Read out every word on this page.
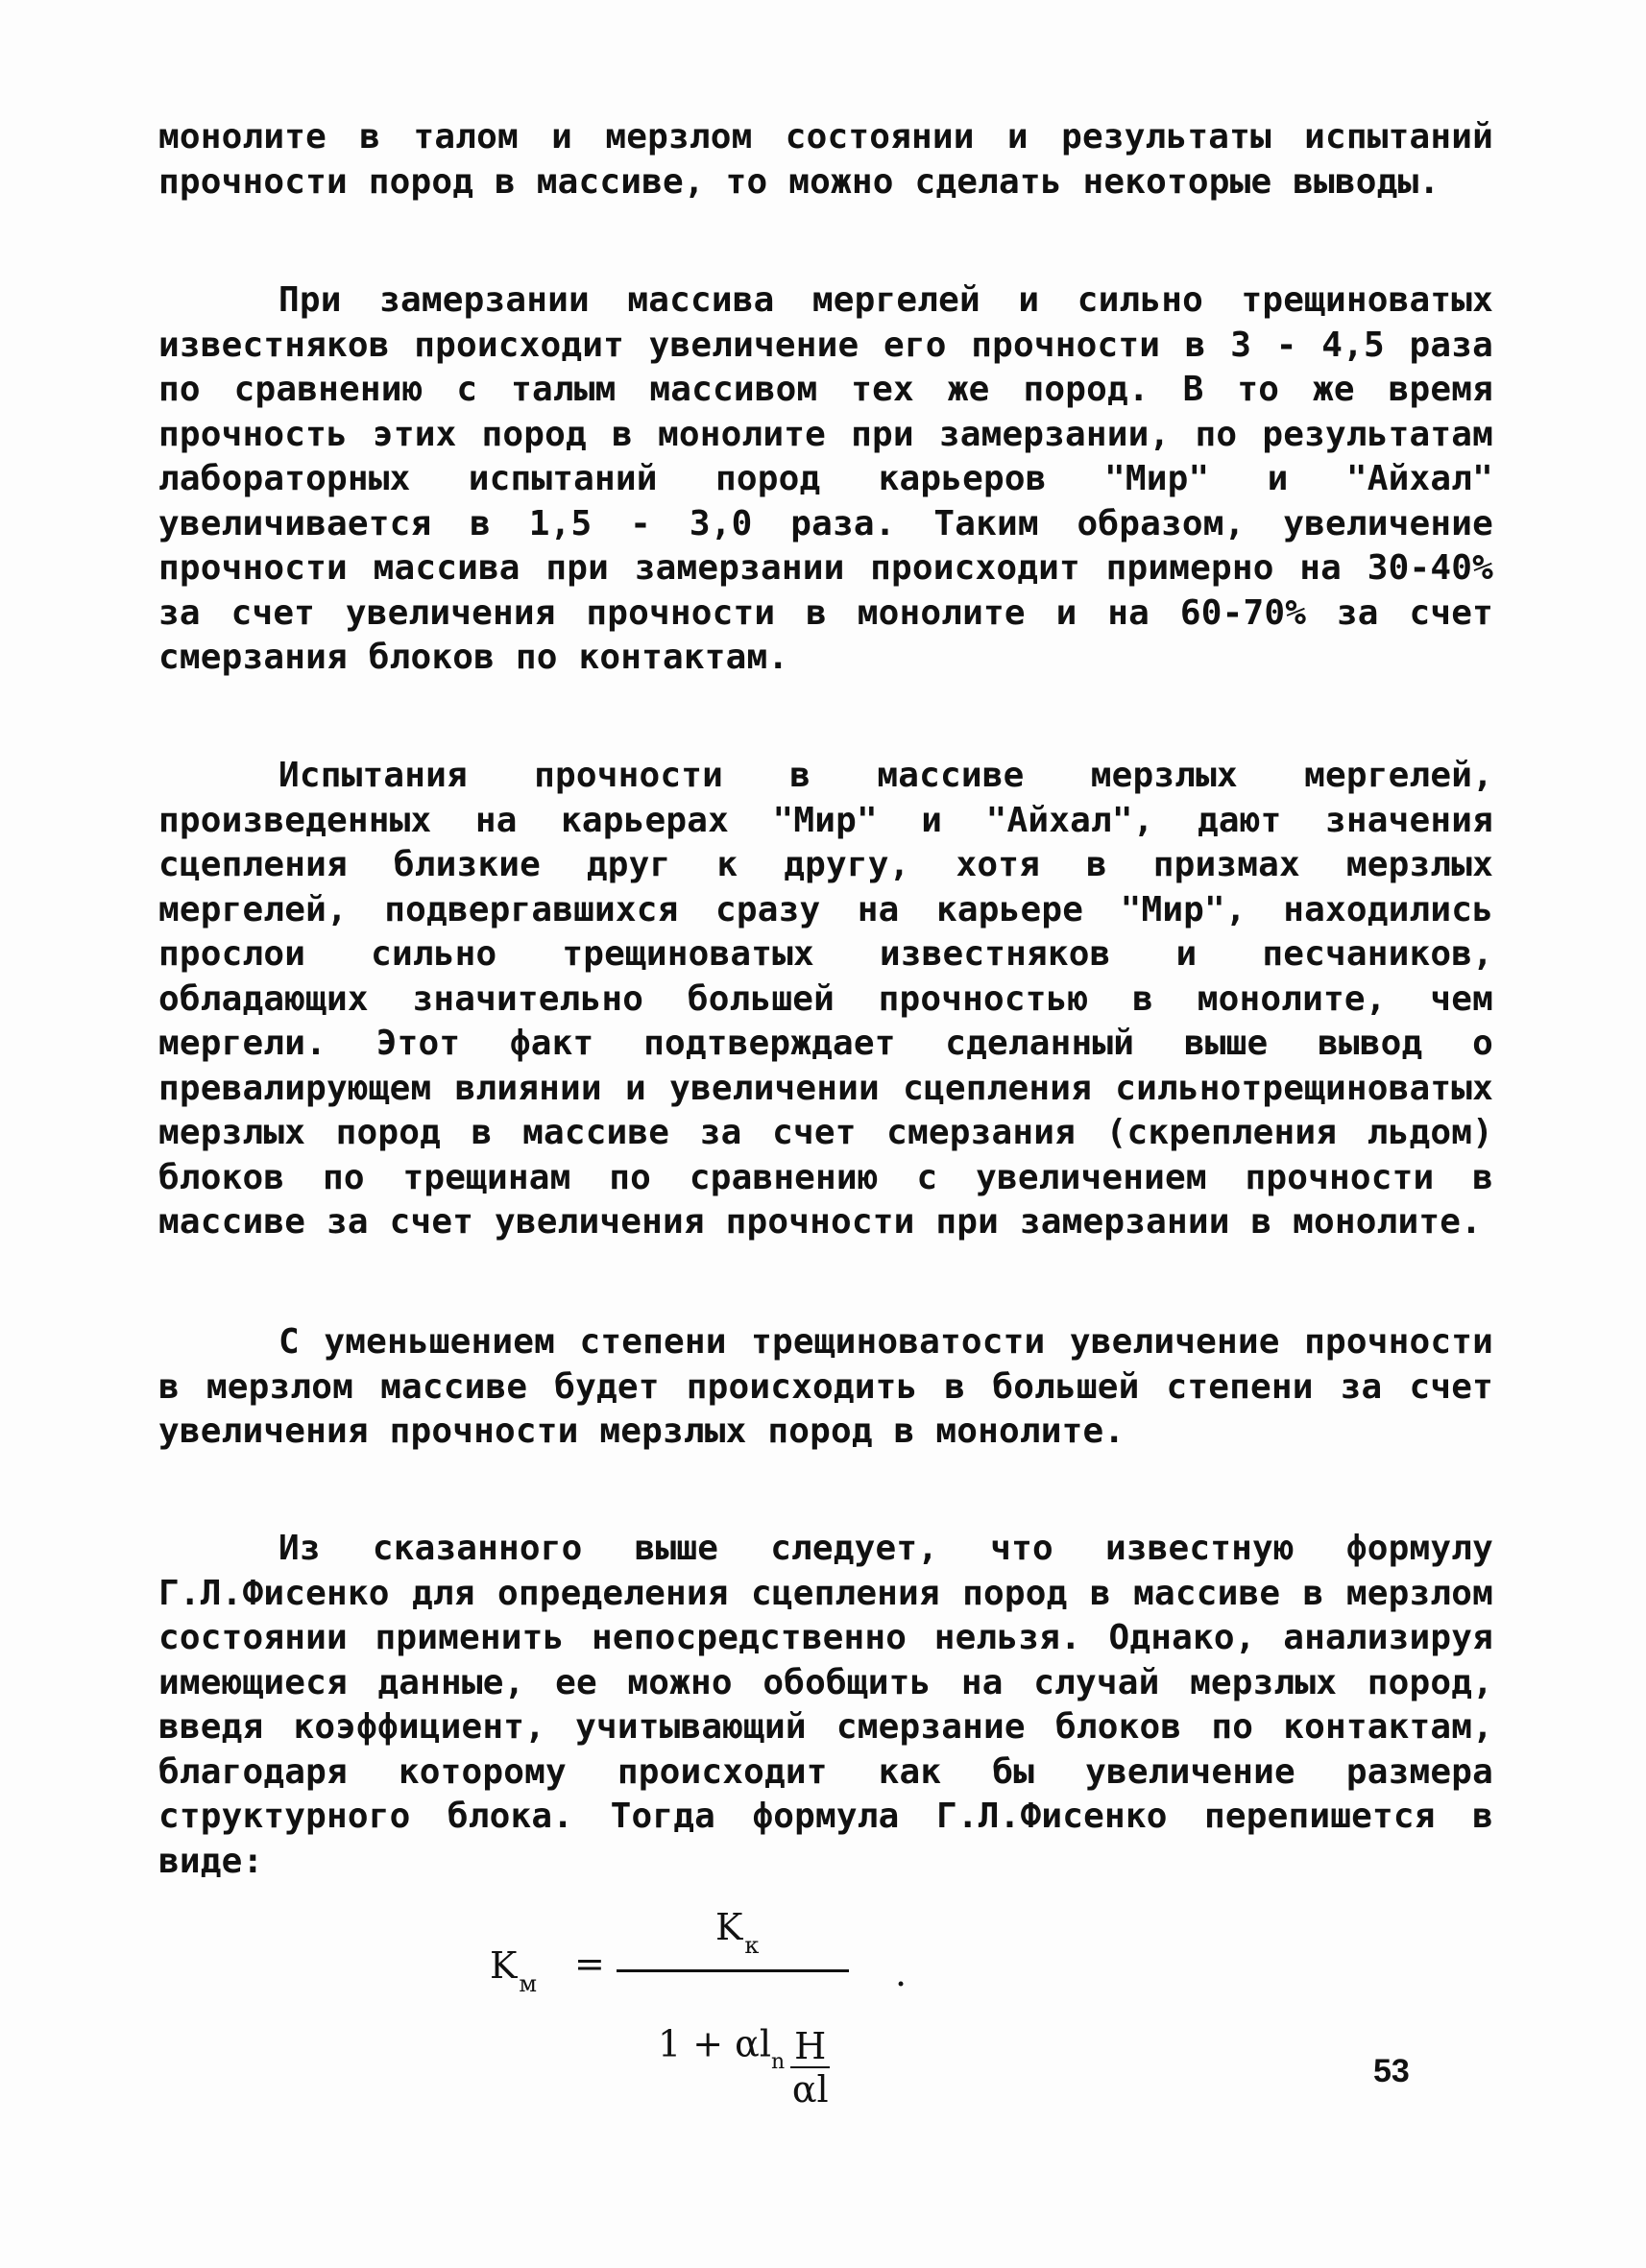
монолите в талом и мерзлом состоянии и результаты испытаний прочности пород в массиве, то можно сделать некоторые выводы.

При замерзании массива мергелей и сильно трещиноватых известняков происходит увеличение его прочности в 3 - 4,5 раза по сравнению с талым массивом тех же пород. В то же время прочность этих пород в монолите при замерзании, по результатам лабораторных испытаний пород карьеров "Мир" и "Айхал" увеличивается в 1,5 - 3,0 раза. Таким образом, увеличение прочности массива при замерзании происходит примерно на 30-40% за счет увеличения прочности в монолите и на 60-70% за счет смерзания блоков по контактам.

Испытания прочности в массиве мерзлых мергелей, произведенных на карьерах "Мир" и "Айхал", дают значения сцепления близкие друг к другу, хотя в призмах мерзлых мергелей, подвергавшихся сразу на карьере "Мир", находились прослои сильно трещиноватых известняков и песчаников, обладающих значительно большей прочностью в монолите, чем мергели. Этот факт подтверждает сделанный выше вывод о превалирующем влиянии и увеличении сцепления сильнотрещиноватых мерзлых пород в массиве за счет смерзания (скрепления льдом) блоков по трещинам по сравнению с увеличением прочности в массиве за счет увеличения прочности при замерзании в монолите.

С уменьшением степени трещиноватости увеличение прочности в мерзлом массиве будет происходить в большей степени за счет увеличения прочности мерзлых пород в монолите.

Из сказанного выше следует, что известную формулу Г.Л.Фисенко для определения сцепления пород в массиве в мерзлом состоянии применить непосредственно нельзя. Однако, анализируя имеющиеся данные, ее можно обобщить на случай мерзлых пород, введя коэффициент, учитывающий смерзание блоков по контактам, благодаря которому происходит как бы увеличение размера структурного блока. Тогда формула Г.Л.Фисенко перепишется в виде:

$K_м$ =
$K_к$
.
$1 + \alpha l_n \frac{H}{\alpha l}$	53
